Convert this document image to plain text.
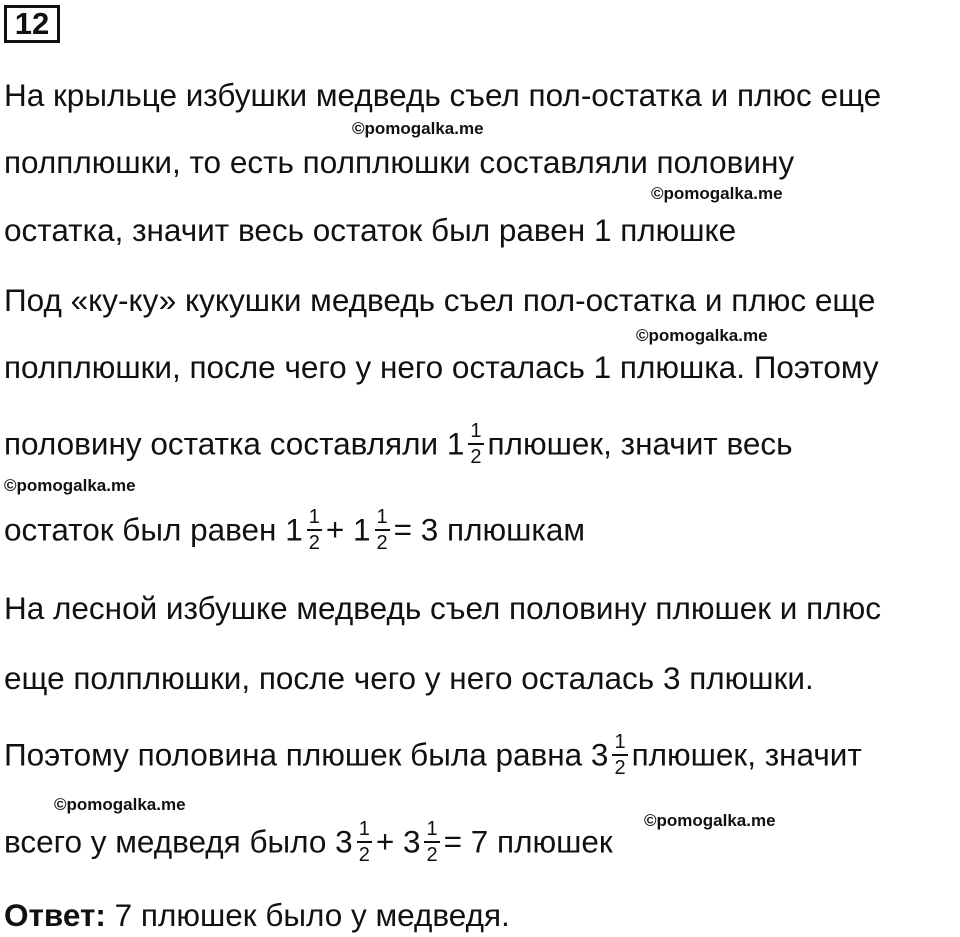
12
На крыльце избушки медведь съел пол-остатка и плюс еще
©pomogalka.me
полплюшки, то есть полплюшки составляли половину
©pomogalka.me
остатка, значит весь остаток был равен 1 плюшке
Под «ку-ку» кукушки медведь съел пол-остатка и плюс еще
©pomogalka.me
полплюшки, после чего у него осталась 1 плюшка. Поэтому
половину остатка составляли $1 \frac{1}{2}$ плюшек, значит весь
©pomogalka.me
остаток был равен $1 \frac{1}{2} + 1 \frac{1}{2} = 3$ плюшкам
На лесной избушке медведь съел половину плюшек и плюс
еще полплюшки, после чего у него осталась 3 плюшки.
Поэтому половина плюшек была равна $3 \frac{1}{2}$ плюшек, значит
©pomogalka.me
всего у медведя было $3 \frac{1}{2} + 3 \frac{1}{2} = 7$ плюшек
©pomogalka.me
Ответ: 7 плюшек было у медведя.
